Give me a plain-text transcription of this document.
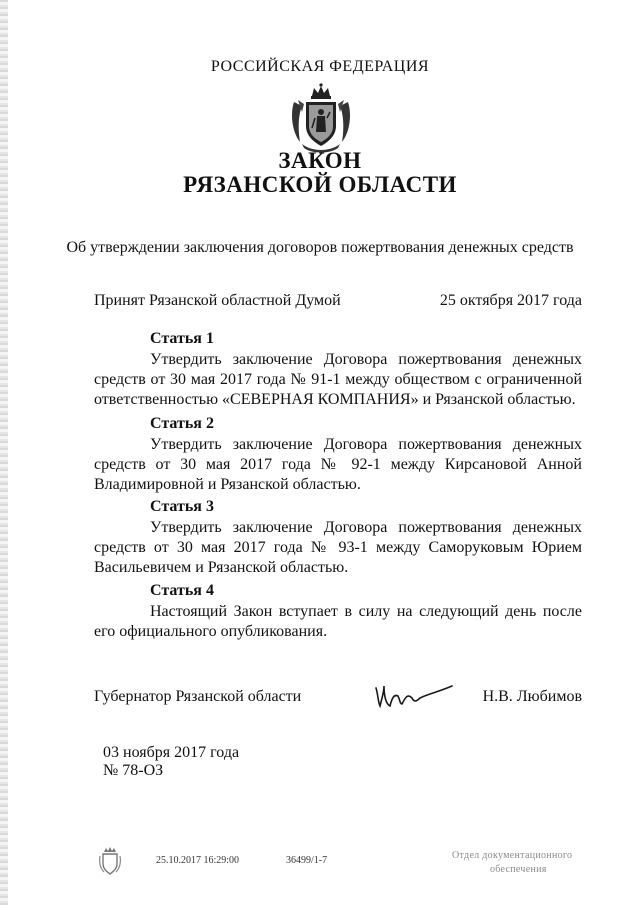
РОССИЙСКАЯ ФЕДЕРАЦИЯ
ЗАКОН
РЯЗАНСКОЙ ОБЛАСТИ
Об утверждении заключения договоров пожертвования денежных средств
Принят Рязанской областной Думой	25 октября 2017 года
Статья 1
Утвердить заключение Договора пожертвования денежных средств от 30 мая 2017 года № 91-1 между обществом с ограниченной ответственностью «СЕВЕРНАЯ КОМПАНИЯ» и Рязанской областью.
Статья 2
Утвердить заключение Договора пожертвования денежных средств от 30 мая 2017 года № 92-1 между Кирсановой Анной Владимировной и Рязанской областью.
Статья 3
Утвердить заключение Договора пожертвования денежных средств от 30 мая 2017 года № 93-1 между Саморуковым Юрием Васильевичем и Рязанской областью.
Статья 4
Настоящий Закон вступает в силу на следующий день после его официального опубликования.
Губернатор Рязанской области	Н.В. Любимов
03 ноября 2017 года
№ 78-ОЗ
25.10.2017 16:29:00	36499/1-7	Отдел документационного
обеспечения
